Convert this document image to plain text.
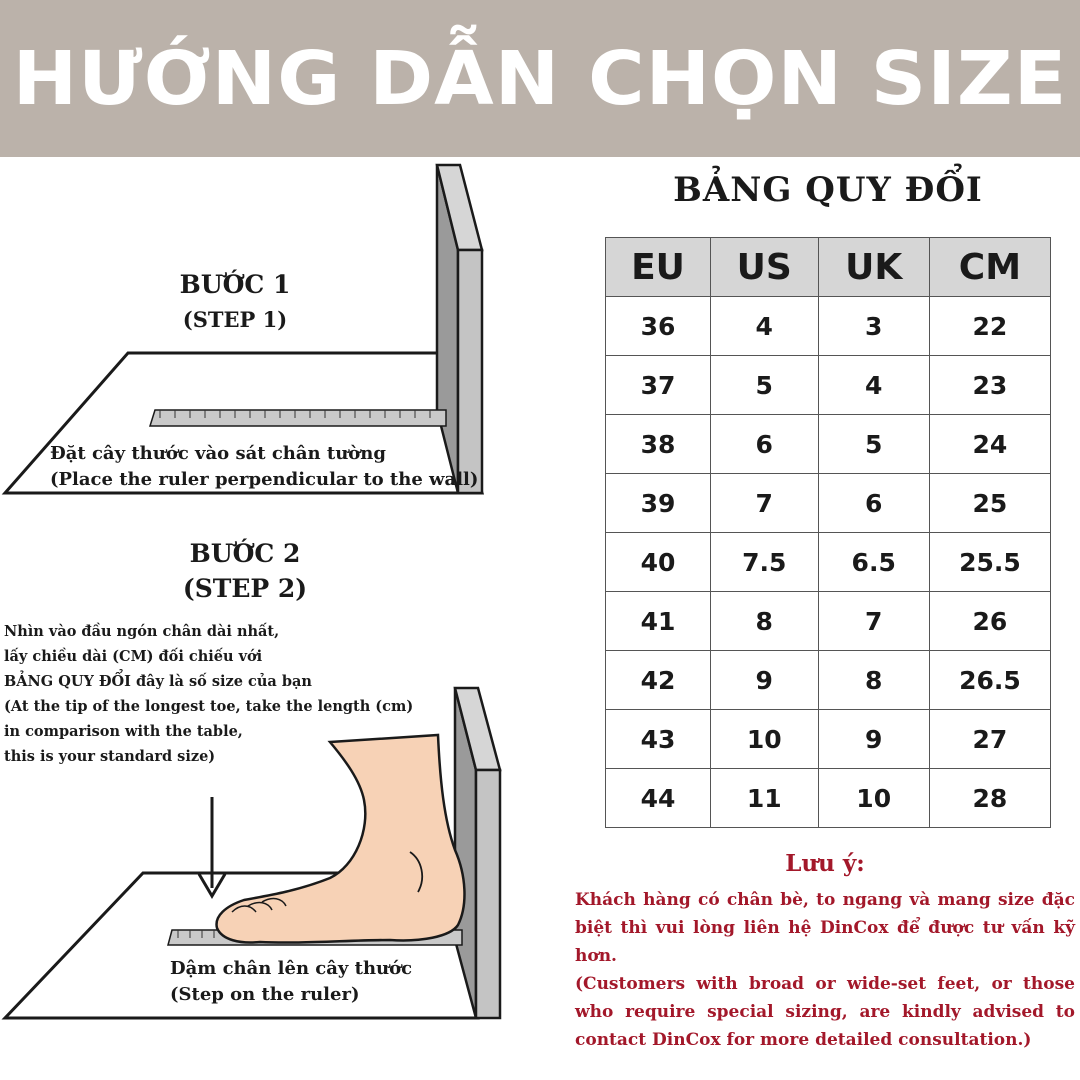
HƯỚNG DẪN CHỌN SIZE
BƯỚC 1
(STEP 1)
Đặt cây thước vào sát chân tường
(Place the ruler perpendicular to the wall)
BƯỚC 2
(STEP 2)
Nhìn vào đầu ngón chân dài nhất,
lấy chiều dài (CM) đối chiếu với
BẢNG QUY ĐỔI đây là số size của bạn
(At the tip of the longest toe, take the length (cm)
in comparison with the table,
this is your standard size)
Dậm chân lên cây thước
(Step on the ruler)
BẢNG QUY ĐỔI
EU	US	UK	CM
36	4	3	22
37	5	4	23
38	6	5	24
39	7	6	25
40	7.5	6.5	25.5
41	8	7	26
42	9	8	26.5
43	10	9	27
44	11	10	28
Lưu ý:
Khách hàng có chân bè, to ngang và mang size đặc biệt thì vui lòng liên hệ DinCox để được tư vấn kỹ hơn.
(Customers with broad or wide-set feet, or those who require special sizing, are kindly advised to contact DinCox for more detailed consultation.)
